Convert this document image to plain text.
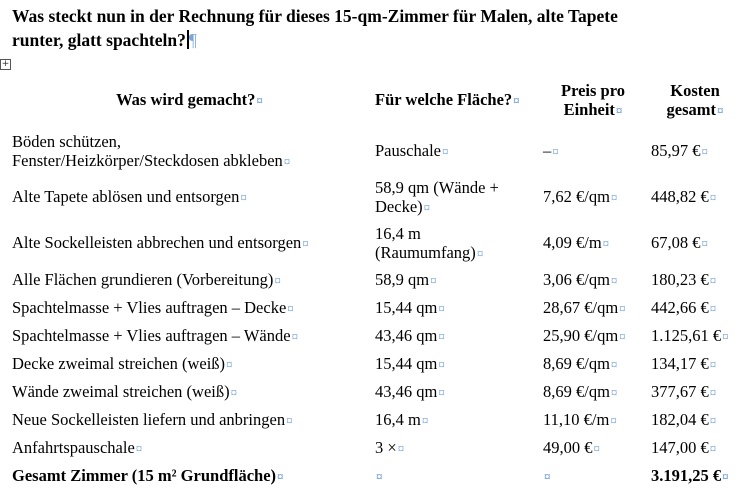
Was steckt nun in der Rechnung für dieses 15-qm-Zimmer für Malen, alte Tapete
runter, glatt spachteln? ¶
+
Was wird gemacht?¤	Für welche Fläche?¤	Preis pro
Einheit¤	Kosten
gesamt¤
Böden schützen,
Fenster/Heizkörper/Steckdosen abkleben¤	Pauschale¤	–¤	85,97 €¤
Alte Tapete ablösen und entsorgen¤	58,9 qm (Wände +
Decke)¤	7,62 €/qm¤	448,82 €¤
Alte Sockelleisten abbrechen und entsorgen¤	16,4 m
(Raumumfang)¤	4,09 €/m¤	67,08 €¤
Alle Flächen grundieren (Vorbereitung)¤	58,9 qm¤	3,06 €/qm¤	180,23 €¤
Spachtelmasse + Vlies auftragen – Decke¤	15,44 qm¤	28,67 €/qm¤	442,66 €¤
Spachtelmasse + Vlies auftragen – Wände¤	43,46 qm¤	25,90 €/qm¤	1.125,61 €¤
Decke zweimal streichen (weiß)¤	15,44 qm¤	8,69 €/qm¤	134,17 €¤
Wände zweimal streichen (weiß)¤	43,46 qm¤	8,69 €/qm¤	377,67 €¤
Neue Sockelleisten liefern und anbringen¤	16,4 m¤	11,10 €/m¤	182,04 €¤
Anfahrtspauschale¤	3 ×¤	49,00 €¤	147,00 €¤
Gesamt Zimmer (15 m² Grundfläche)¤	¤	¤	3.191,25 €¤
